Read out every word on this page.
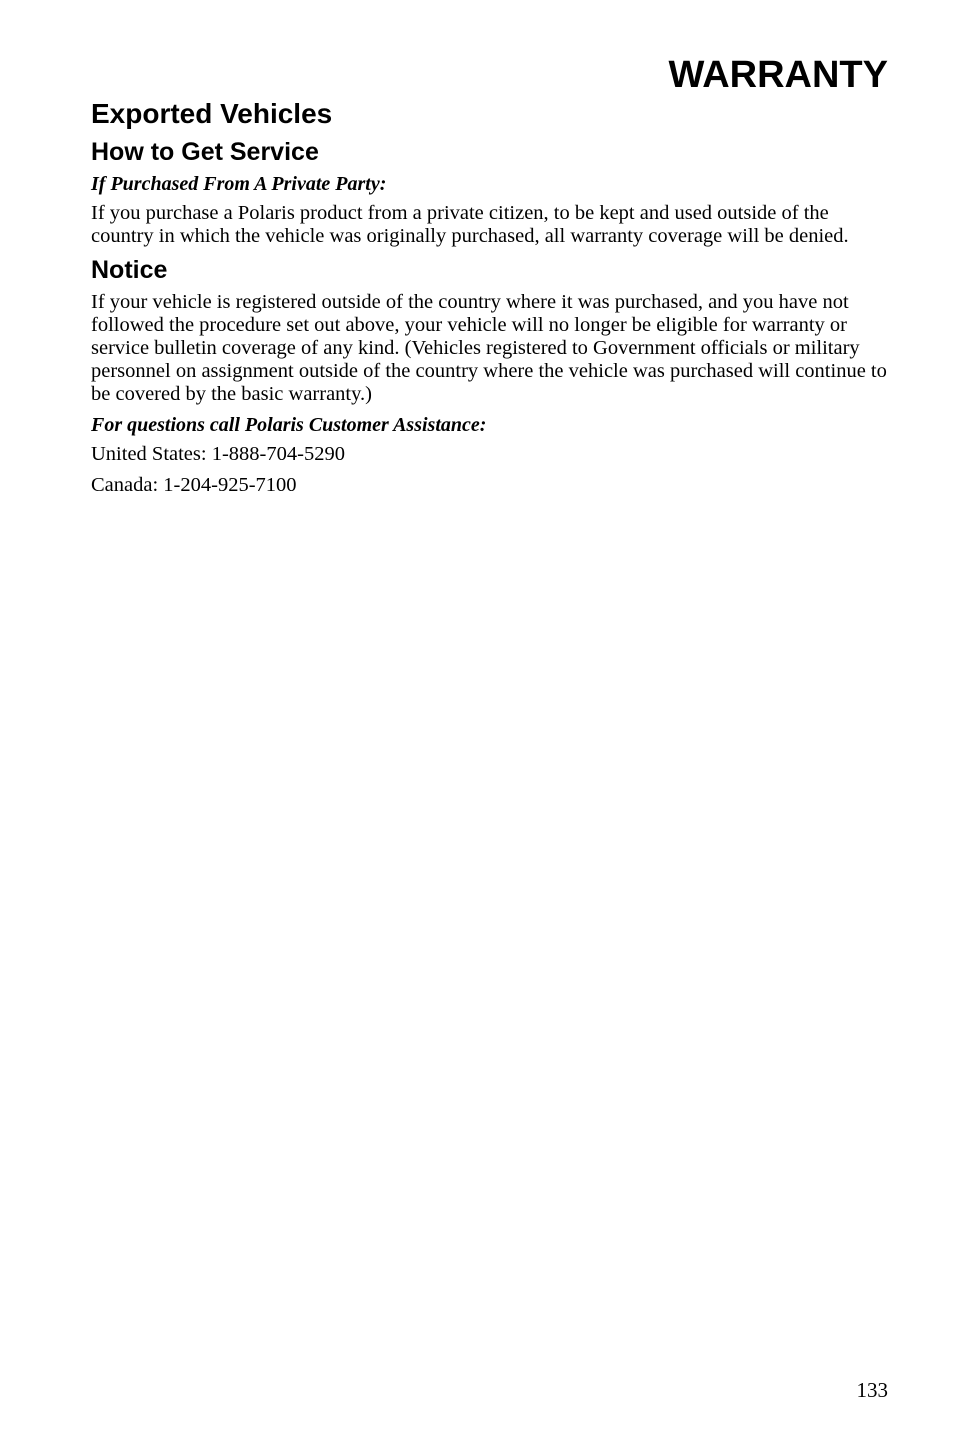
WARRANTY
Exported Vehicles
How to Get Service
If Purchased From A Private Party:

If you purchase a Polaris product from a private citizen, to be kept and used outside of the country in which the vehicle was originally purchased, all warranty coverage will be denied.

Notice

If your vehicle is registered outside of the country where it was purchased, and you have not followed the procedure set out above, your vehicle will no longer be eligible for warranty or service bulletin coverage of any kind. (Vehicles registered to Government officials or military personnel on assignment outside of the country where the vehicle was purchased will continue to be covered by the basic warranty.)

For questions call Polaris Customer Assistance:

United States: 1-888-704-5290

Canada: 1-204-925-7100

133
